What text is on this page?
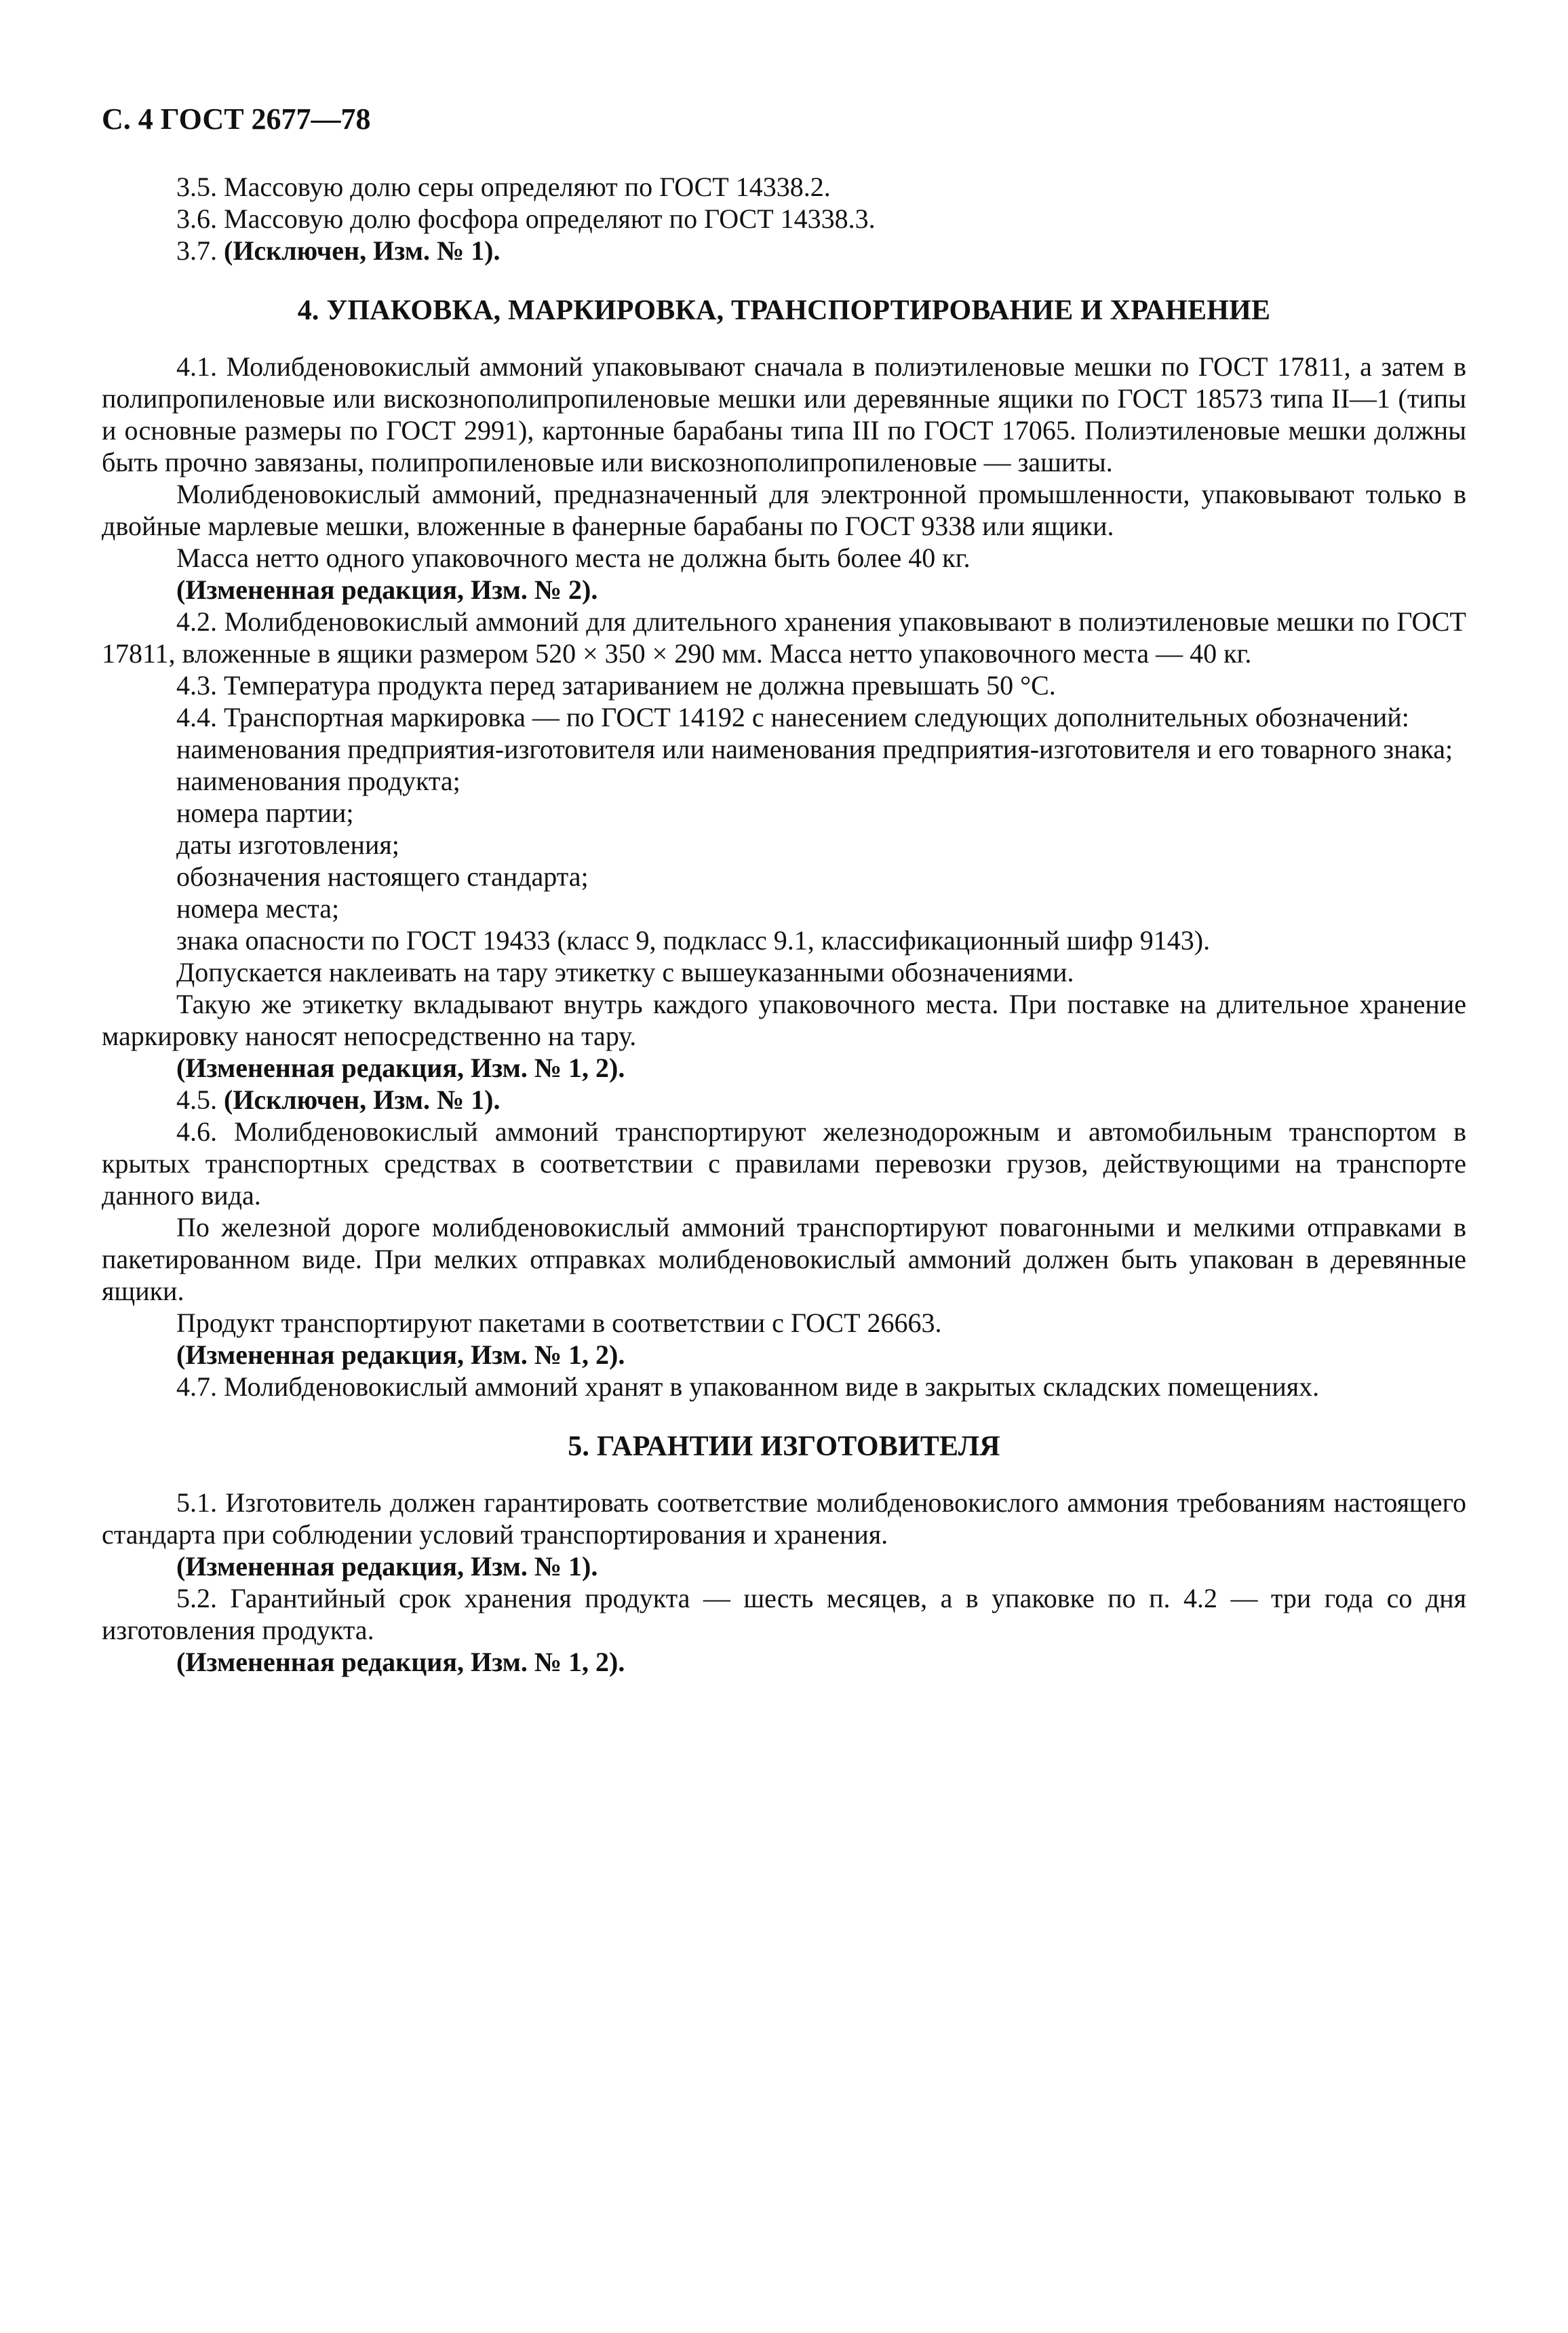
С. 4 ГОСТ 2677—78

3.5. Массовую долю серы определяют по ГОСТ 14338.2.

3.6. Массовую долю фосфора определяют по ГОСТ 14338.3.

3.7. (Исключен, Изм. № 1).

4. УПАКОВКА, МАРКИРОВКА, ТРАНСПОРТИРОВАНИЕ И ХРАНЕНИЕ

4.1. Молибденовокислый аммоний упаковывают сначала в полиэтиленовые мешки по ГОСТ 17811, а затем в полипропиленовые или вискознополипропиленовые мешки или деревянные ящики по ГОСТ 18573 типа II—1 (типы и основные размеры по ГОСТ 2991), картонные барабаны типа III по ГОСТ 17065. Полиэтиленовые мешки должны быть прочно завязаны, полипропиленовые или вискознополипропиленовые — зашиты.

Молибденовокислый аммоний, предназначенный для электронной промышленности, упаковывают только в двойные марлевые мешки, вложенные в фанерные барабаны по ГОСТ 9338 или ящики.

Масса нетто одного упаковочного места не должна быть более 40 кг.

(Измененная редакция, Изм. № 2).

4.2. Молибденовокислый аммоний для длительного хранения упаковывают в полиэтиленовые мешки по ГОСТ 17811, вложенные в ящики размером 520 × 350 × 290 мм. Масса нетто упаковочного места — 40 кг.

4.3. Температура продукта перед затариванием не должна превышать 50 °С.

4.4. Транспортная маркировка — по ГОСТ 14192 с нанесением следующих дополнительных обозначений:

наименования предприятия-изготовителя или наименования предприятия-изготовителя и его товарного знака;

наименования продукта;

номера партии;

даты изготовления;

обозначения настоящего стандарта;

номера места;

знака опасности по ГОСТ 19433 (класс 9, подкласс 9.1, классификационный шифр 9143).

Допускается наклеивать на тару этикетку с вышеуказанными обозначениями.

Такую же этикетку вкладывают внутрь каждого упаковочного места. При поставке на длительное хранение маркировку наносят непосредственно на тару.

(Измененная редакция, Изм. № 1, 2).

4.5. (Исключен, Изм. № 1).

4.6. Молибденовокислый аммоний транспортируют железнодорожным и автомобильным транспортом в крытых транспортных средствах в соответствии с правилами перевозки грузов, действующими на транспорте данного вида.

По железной дороге молибденовокислый аммоний транспортируют повагонными и мелкими отправками в пакетированном виде. При мелких отправках молибденовокислый аммоний должен быть упакован в деревянные ящики.

Продукт транспортируют пакетами в соответствии с ГОСТ 26663.

(Измененная редакция, Изм. № 1, 2).

4.7. Молибденовокислый аммоний хранят в упакованном виде в закрытых складских помещениях.

5. ГАРАНТИИ ИЗГОТОВИТЕЛЯ

5.1. Изготовитель должен гарантировать соответствие молибденовокислого аммония требованиям настоящего стандарта при соблюдении условий транспортирования и хранения.

(Измененная редакция, Изм. № 1).

5.2. Гарантийный срок хранения продукта — шесть месяцев, а в упаковке по п. 4.2 — три года со дня изготовления продукта.

(Измененная редакция, Изм. № 1, 2).
